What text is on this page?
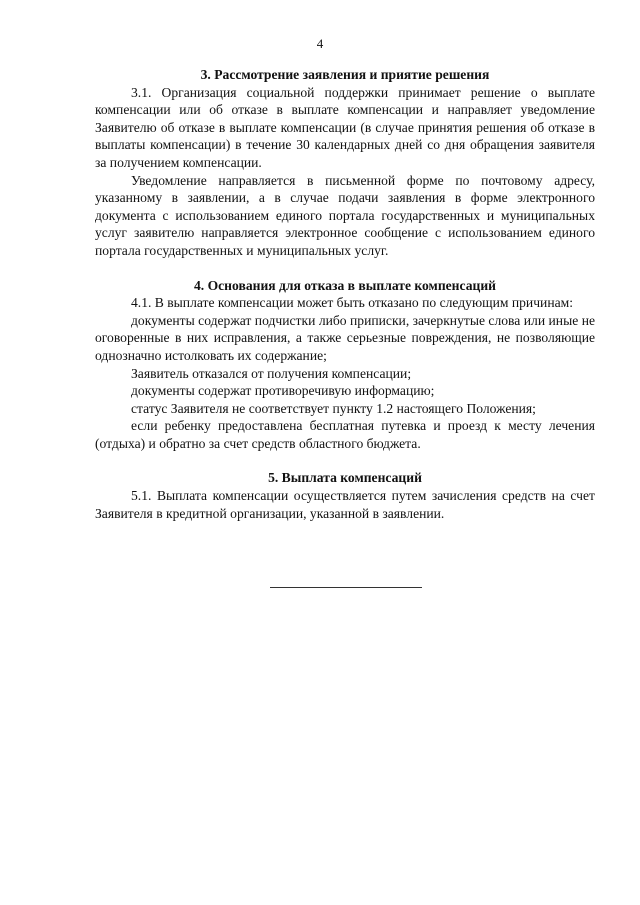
4

3. Рассмотрение заявления и приятие решения

3.1. Организация социальной поддержки принимает решение о выплате компенсации или об отказе в выплате компенсации и направляет уведомление Заявителю об отказе в выплате компенсации (в случае принятия решения об отказе в выплаты компенсации) в течение 30 календарных дней со дня обращения заявителя за получением компенсации.

Уведомление направляется в письменной форме по почтовому адресу, указанному в заявлении, а в случае подачи заявления в форме электронного документа с использованием единого портала государственных и муниципальных услуг заявителю направляется электронное сообщение с использованием единого портала государственных и муниципальных услуг.

4. Основания для отказа в выплате компенсаций

4.1. В выплате компенсации может быть отказано по следующим причинам:

документы содержат подчистки либо приписки, зачеркнутые слова или иные не оговоренные в них исправления, а также серьезные повреждения, не позволяющие однозначно истолковать их содержание;

Заявитель отказался от получения компенсации;

документы содержат противоречивую информацию;

статус Заявителя не соответствует пункту 1.2 настоящего Положения;

если ребенку предоставлена бесплатная путевка и проезд к месту лечения (отдыха) и обратно за счет средств областного бюджета.

5. Выплата компенсаций

5.1. Выплата компенсации осуществляется путем зачисления средств на счет Заявителя в кредитной организации, указанной в заявлении.
